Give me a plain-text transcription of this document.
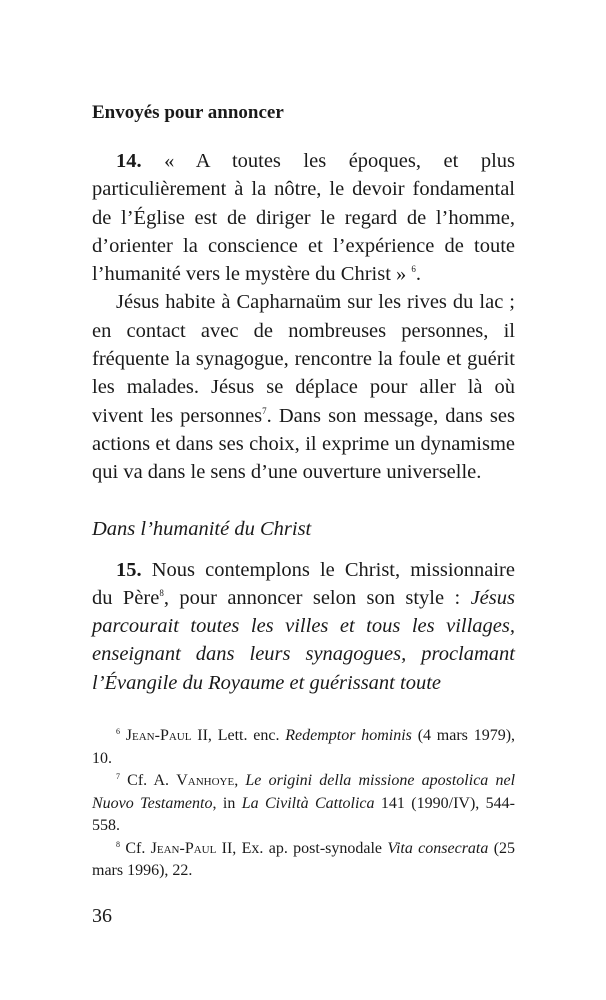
Envoyés pour annoncer

14. « A toutes les époques, et plus particulièrement à la nôtre, le devoir fondamental de l’Église est de diriger le regard de l’homme, d’orienter la conscience et l’expérience de toute l’humanité vers le mystère du Christ » $^6$.

Jésus habite à Capharnaüm sur les rives du lac ; en contact avec de nombreuses personnes, il fréquente la synagogue, rencontre la foule et guérit les malades. Jésus se déplace pour aller là où vivent les personnes$^7$. Dans son message, dans ses actions et dans ses choix, il exprime un dynamisme qui va dans le sens d’une ouverture universelle.

Dans l’humanité du Christ

15. Nous contemplons le Christ, missionnaire du Père$^8$, pour annoncer selon son style : Jésus parcourait toutes les villes et tous les villages, enseignant dans leurs synagogues, proclamant l’Évangile du Royaume et guérissant toute

$^6$ Jean-Paul II, Lett. enc. Redemptor hominis (4 mars 1979), 10.

$^7$ Cf. A. Vanhoye, Le origini della missione apostolica nel Nuovo Testamento, in La Civiltà Cattolica 141 (1990/IV), 544-558.

$^8$ Cf. Jean-Paul II, Ex. ap. post-synodale Vita consecrata (25 mars 1996), 22.

36
